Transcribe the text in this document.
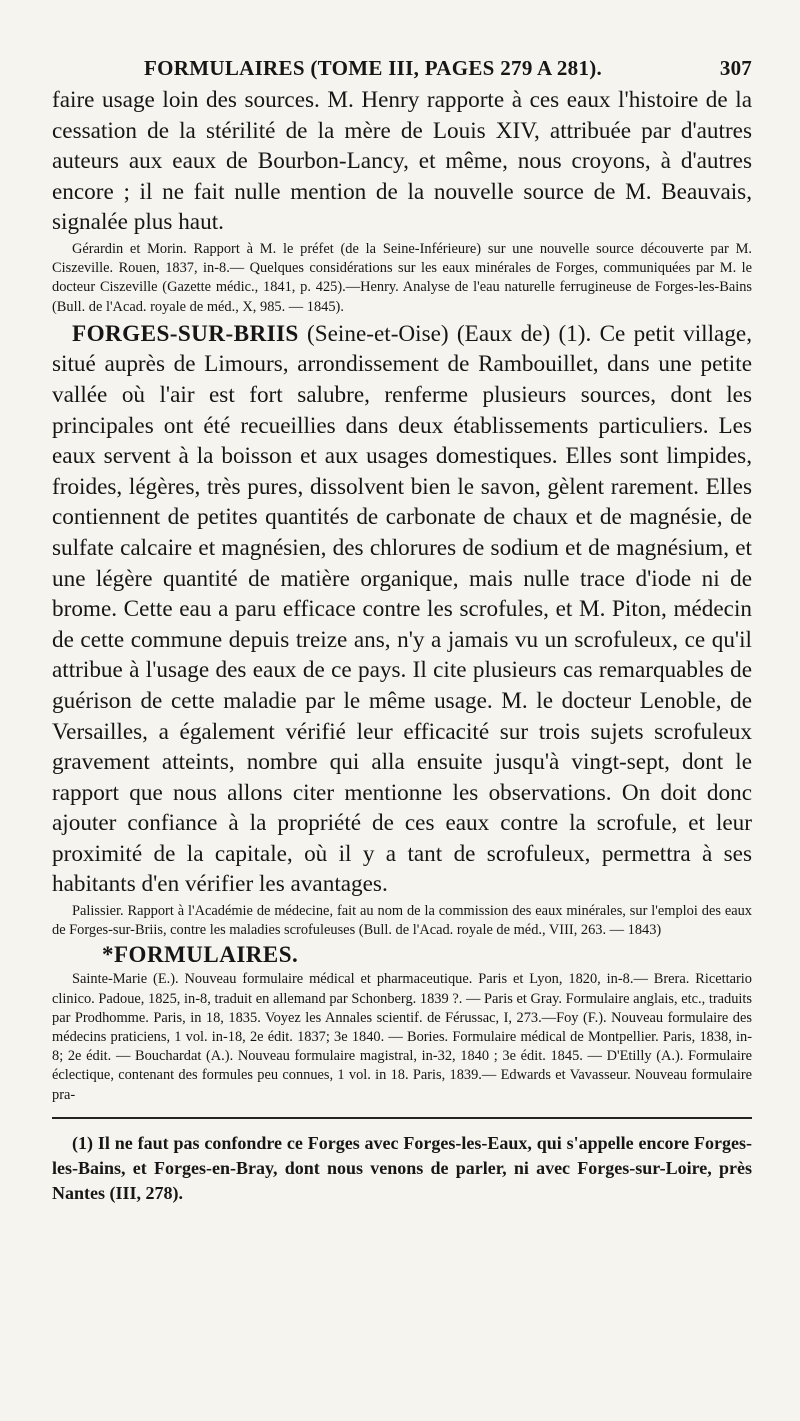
FORMULAIRES (TOME III, PAGES 279 A 281).	307

faire usage loin des sources. M. Henry rapporte à ces eaux l'histoire de la cessation de la stérilité de la mère de Louis XIV, attribuée par d'autres auteurs aux eaux de Bourbon-Lancy, et même, nous croyons, à d'autres encore ; il ne fait nulle mention de la nouvelle source de M. Beauvais, signalée plus haut.

Gérardin et Morin. Rapport à M. le préfet (de la Seine-Inférieure) sur une nouvelle source découverte par M. Ciszeville. Rouen, 1837, in-8.— Quelques considérations sur les eaux minérales de Forges, communiquées par M. le docteur Ciszeville (Gazette médic., 1841, p. 425).—Henry. Analyse de l'eau naturelle ferrugineuse de Forges-les-Bains (Bull. de l'Acad. royale de méd., X, 985. — 1845).

FORGES-SUR-BRIIS (Seine-et-Oise) (Eaux de) (1). Ce petit village, situé auprès de Limours, arrondissement de Rambouillet, dans une petite vallée où l'air est fort salubre, renferme plusieurs sources, dont les principales ont été recueillies dans deux établissements particuliers. Les eaux servent à la boisson et aux usages domestiques. Elles sont limpides, froides, légères, très pures, dissolvent bien le savon, gèlent rarement. Elles contiennent de petites quantités de carbonate de chaux et de magnésie, de sulfate calcaire et magnésien, des chlorures de sodium et de magnésium, et une légère quantité de matière organique, mais nulle trace d'iode ni de brome. Cette eau a paru efficace contre les scrofules, et M. Piton, médecin de cette commune depuis treize ans, n'y a jamais vu un scrofuleux, ce qu'il attribue à l'usage des eaux de ce pays. Il cite plusieurs cas remarquables de guérison de cette maladie par le même usage. M. le docteur Lenoble, de Versailles, a également vérifié leur efficacité sur trois sujets scrofuleux gravement atteints, nombre qui alla ensuite jusqu'à vingt-sept, dont le rapport que nous allons citer mentionne les observations. On doit donc ajouter confiance à la propriété de ces eaux contre la scrofule, et leur proximité de la capitale, où il y a tant de scrofuleux, permettra à ses habitants d'en vérifier les avantages.

Palissier. Rapport à l'Académie de médecine, fait au nom de la commission des eaux minérales, sur l'emploi des eaux de Forges-sur-Briis, contre les maladies scrofuleuses (Bull. de l'Acad. royale de méd., VIII, 263. — 1843)

*FORMULAIRES.

Sainte-Marie (E.). Nouveau formulaire médical et pharmaceutique. Paris et Lyon, 1820, in-8.— Brera. Ricettario clinico. Padoue, 1825, in-8, traduit en allemand par Schonberg. 1839 ?. — Paris et Gray. Formulaire anglais, etc., traduits par Prodhomme. Paris, in 18, 1835. Voyez les Annales scientif. de Férussac, I, 273.—Foy (F.). Nouveau formulaire des médecins praticiens, 1 vol. in-18, 2e édit. 1837; 3e 1840. — Bories. Formulaire médical de Montpellier. Paris, 1838, in-8; 2e édit. — Bouchardat (A.). Nouveau formulaire magistral, in-32, 1840 ; 3e édit. 1845. — D'Etilly (A.). Formulaire éclectique, contenant des formules peu connues, 1 vol. in 18. Paris, 1839.— Edwards et Vavasseur. Nouveau formulaire pra-

(1) Il ne faut pas confondre ce Forges avec Forges-les-Eaux, qui s'appelle encore Forges-les-Bains, et Forges-en-Bray, dont nous venons de parler, ni avec Forges-sur-Loire, près Nantes (III, 278).
